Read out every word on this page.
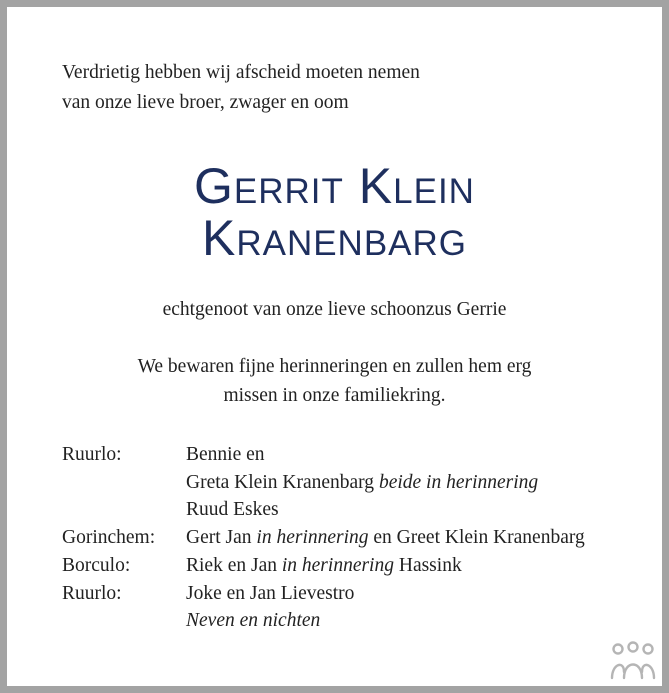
Verdrietig hebben wij afscheid moeten nemen
van onze lieve broer, zwager en oom
Gerrit Klein
Kranenbarg
echtgenoot van onze lieve schoonzus Gerrie
We bewaren fijne herinneringen en zullen hem erg
missen in onze familiekring.
Ruurlo:	Bennie en
Greta Klein Kranenbarg beide in herinnering
Ruud Eskes
Gorinchem:	Gert Jan in herinnering en Greet Klein Kranenbarg
Borculo:	Riek en Jan in herinnering Hassink
Ruurlo:	Joke en Jan Lievestro
Neven en nichten
